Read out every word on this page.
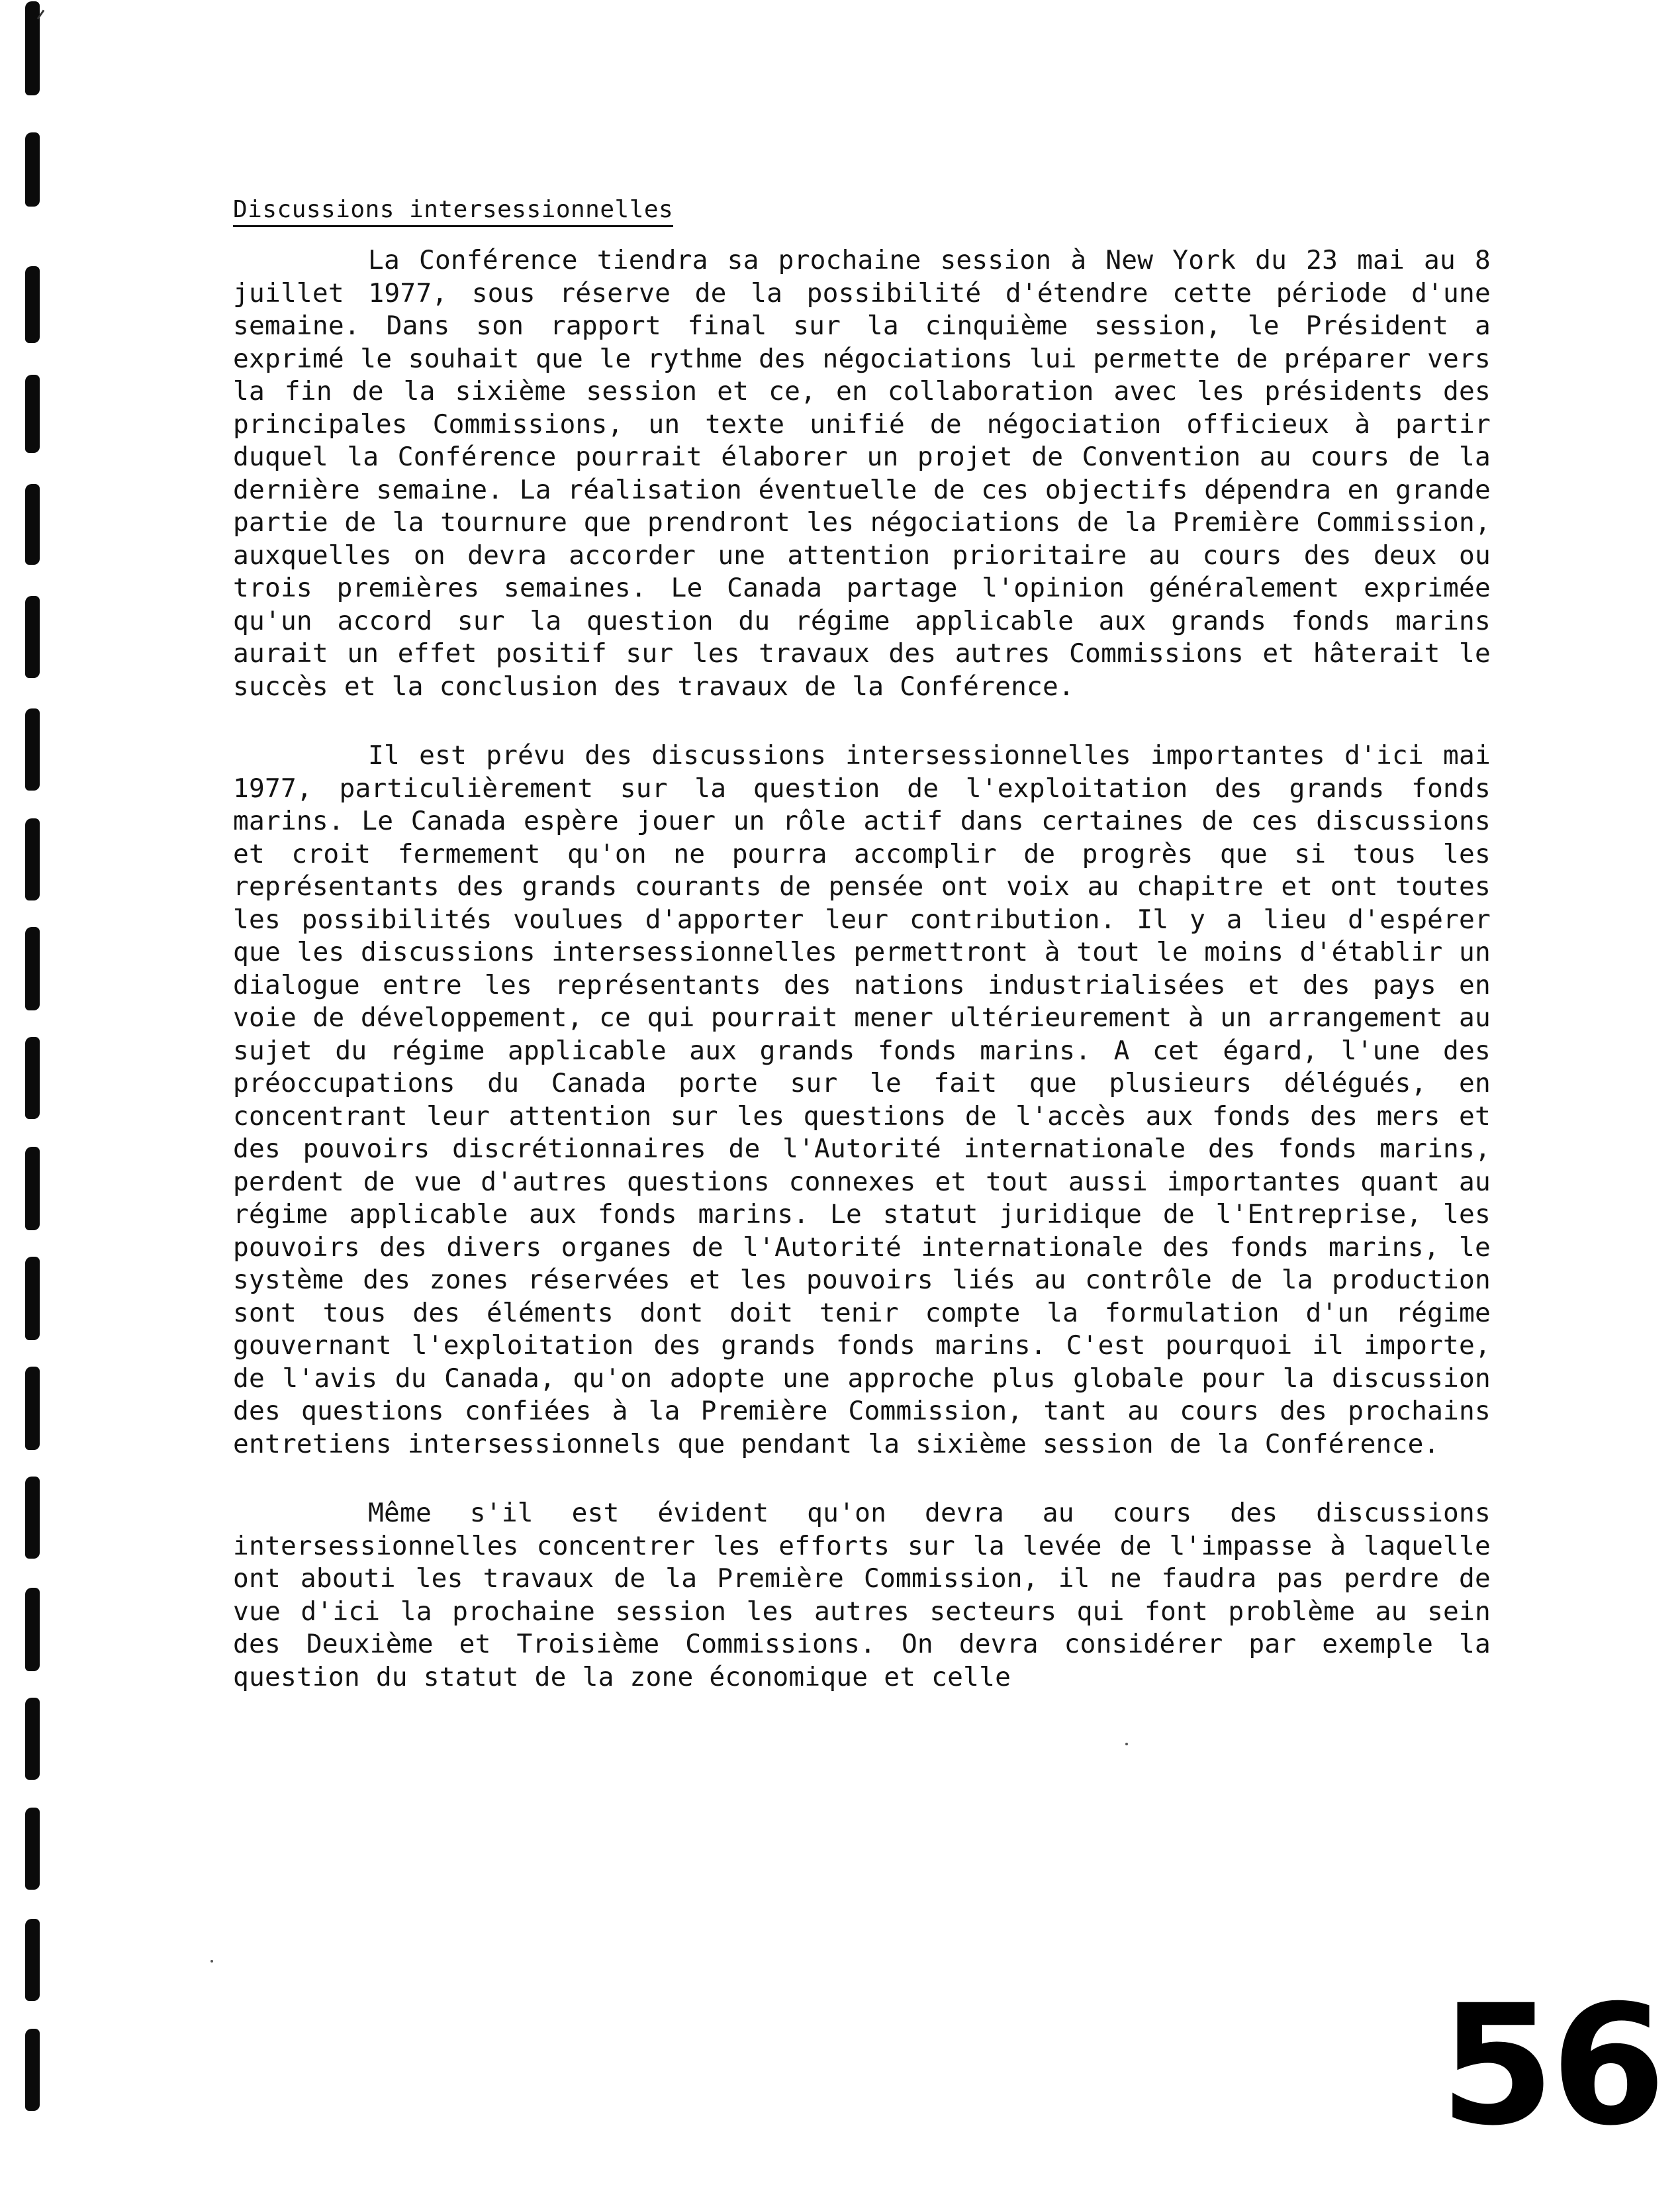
Discussions intersessionnelles

La Conférence tiendra sa prochaine session à New York du 23 mai au 8 juillet 1977, sous réserve de la possibilité d'étendre cette période d'une semaine. Dans son rapport final sur la cinquième session, le Président a exprimé le souhait que le rythme des négociations lui permette de préparer vers la fin de la sixième session et ce, en collaboration avec les présidents des principales Commissions, un texte unifié de négociation officieux à partir duquel la Conférence pourrait élaborer un projet de Convention au cours de la dernière semaine. La réalisation éventuelle de ces objectifs dépendra en grande partie de la tournure que prendront les négociations de la Première Commission, auxquelles on devra accorder une attention prioritaire au cours des deux ou trois premières semaines. Le Canada partage l'opinion généralement exprimée qu'un accord sur la question du régime applicable aux grands fonds marins aurait un effet positif sur les travaux des autres Commissions et hâterait le succès et la conclusion des travaux de la Conférence.

Il est prévu des discussions intersessionnelles importantes d'ici mai 1977, particulièrement sur la question de l'exploitation des grands fonds marins. Le Canada espère jouer un rôle actif dans certaines de ces discussions et croit fermement qu'on ne pourra accomplir de progrès que si tous les représentants des grands courants de pensée ont voix au chapitre et ont toutes les possibilités voulues d'apporter leur contribution. Il y a lieu d'espérer que les discussions intersessionnelles permettront à tout le moins d'établir un dialogue entre les représentants des nations industrialisées et des pays en voie de développement, ce qui pourrait mener ultérieurement à un arrangement au sujet du régime applicable aux grands fonds marins. A cet égard, l'une des préoccupations du Canada porte sur le fait que plusieurs délégués, en concentrant leur attention sur les questions de l'accès aux fonds des mers et des pouvoirs discrétionnaires de l'Autorité internationale des fonds marins, perdent de vue d'autres questions connexes et tout aussi importantes quant au régime applicable aux fonds marins. Le statut juridique de l'Entreprise, les pouvoirs des divers organes de l'Autorité internationale des fonds marins, le système des zones réservées et les pouvoirs liés au contrôle de la production sont tous des éléments dont doit tenir compte la formulation d'un régime gouvernant l'exploitation des grands fonds marins. C'est pourquoi il importe, de l'avis du Canada, qu'on adopte une approche plus globale pour la discussion des questions confiées à la Première Commission, tant au cours des prochains entretiens intersessionnels que pendant la sixième session de la Conférence.

Même s'il est évident qu'on devra au cours des discussions intersessionnelles concentrer les efforts sur la levée de l'impasse à laquelle ont abouti les travaux de la Première Commission, il ne faudra pas perdre de vue d'ici la prochaine session les autres secteurs qui font problème au sein des Deuxième et Troisième Commissions. On devra considérer par exemple la question du statut de la zone économique et celle

56
